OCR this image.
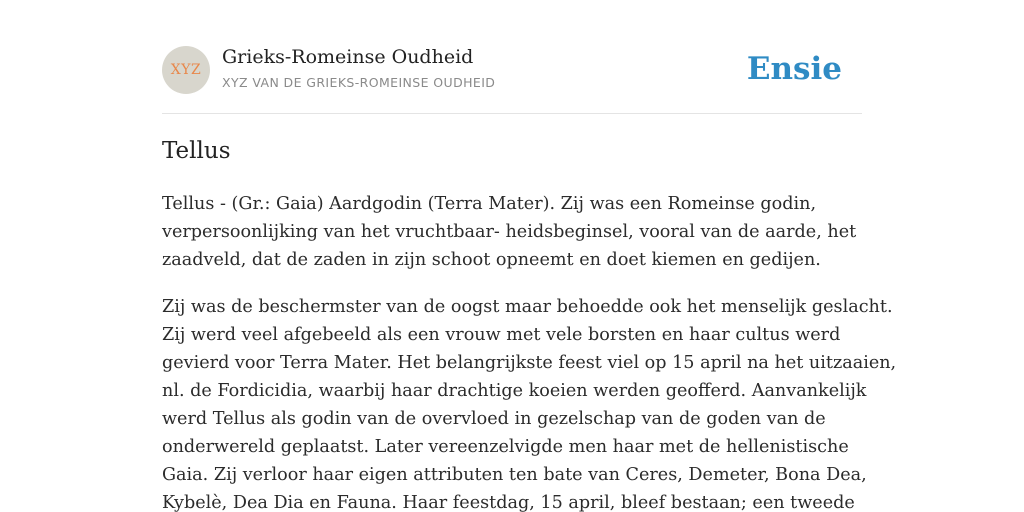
XYZ
Grieks-Romeinse Oudheid
XYZ VAN DE GRIEKS-ROMEINSE OUDHEID	Ensie
Tellus

Tellus - (Gr.: Gaia) Aardgodin (Terra Mater). Zij was een Romeinse godin,
verpersoonlijking van het vruchtbaar- heidsbeginsel, vooral van de aarde, het
zaadveld, dat de zaden in zijn schoot opneemt en doet kiemen en gedijen.

Zij was de beschermster van de oogst maar behoedde ook het menselijk geslacht.
Zij werd veel afgebeeld als een vrouw met vele borsten en haar cultus werd
gevierd voor Terra Mater. Het belangrijkste feest viel op 15 april na het uitzaaien,
nl. de Fordicidia, waarbij haar drachtige koeien werden geofferd. Aanvankelijk
werd Tellus als godin van de overvloed in gezelschap van de goden van de
onderwereld geplaatst. Later vereenzelvigde men haar met de hellenistische
Gaia. Zij verloor haar eigen attributen ten bate van Ceres, Demeter, Bona Dea,
Kybelè, Dea Dia en Fauna. Haar feestdag, 15 april, bleef bestaan; een tweede
